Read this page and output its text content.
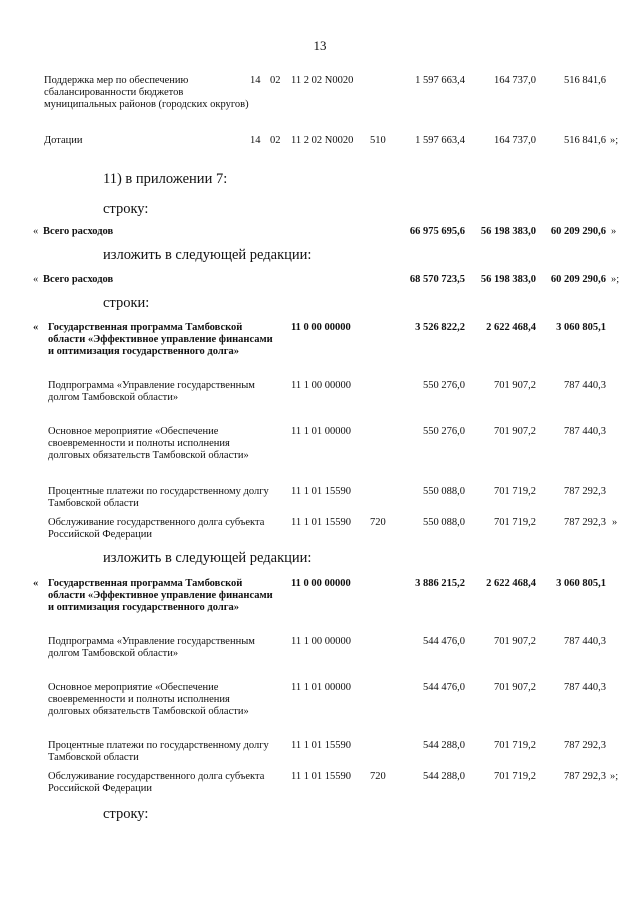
13
Поддержка мер по обеспечению сбалансированности бюджетов муниципальных районов (городских округов)
14 02 11 2 02 N0020	1 597 663,4	164 737,0	516 841,6
Дотации	14 02 11 2 02 N0020 510	1 597 663,4	164 737,0	516 841,6 »;
11) в приложении 7:
строку:
« Всего расходов	66 975 695,6	56 198 383,0	60 209 290,6 »
изложить в следующей редакции:
« Всего расходов	68 570 723,5	56 198 383,0	60 209 290,6 »;
строки:
« Государственная программа Тамбовской области «Эффективное управление финансами и оптимизация государственного долга»
11 0 00 00000	3 526 822,2	2 622 468,4	3 060 805,1
Подпрограмма «Управление государственным долгом Тамбовской области»
11 1 00 00000	550 276,0	701 907,2	787 440,3
Основное мероприятие «Обеспечение своевременности и полноты исполнения долговых обязательств Тамбовской области»
11 1 01 00000	550 276,0	701 907,2	787 440,3
Процентные платежи по государственному долгу Тамбовской области
11 1 01 15590	550 088,0	701 719,2	787 292,3
Обслуживание государственного долга субъекта Российской Федерации
11 1 01 15590 720	550 088,0	701 719,2	787 292,3 »
изложить в следующей редакции:
« Государственная программа Тамбовской области «Эффективное управление финансами и оптимизация государственного долга»
11 0 00 00000	3 886 215,2	2 622 468,4	3 060 805,1
Подпрограмма «Управление государственным долгом Тамбовской области»
11 1 00 00000	544 476,0	701 907,2	787 440,3
Основное мероприятие «Обеспечение своевременности и полноты исполнения долговых обязательств Тамбовской области»
11 1 01 00000	544 476,0	701 907,2	787 440,3
Процентные платежи по государственному долгу Тамбовской области
11 1 01 15590	544 288,0	701 719,2	787 292,3
Обслуживание государственного долга субъекта Российской Федерации
11 1 01 15590 720	544 288,0	701 719,2	787 292,3 »;
строку:
